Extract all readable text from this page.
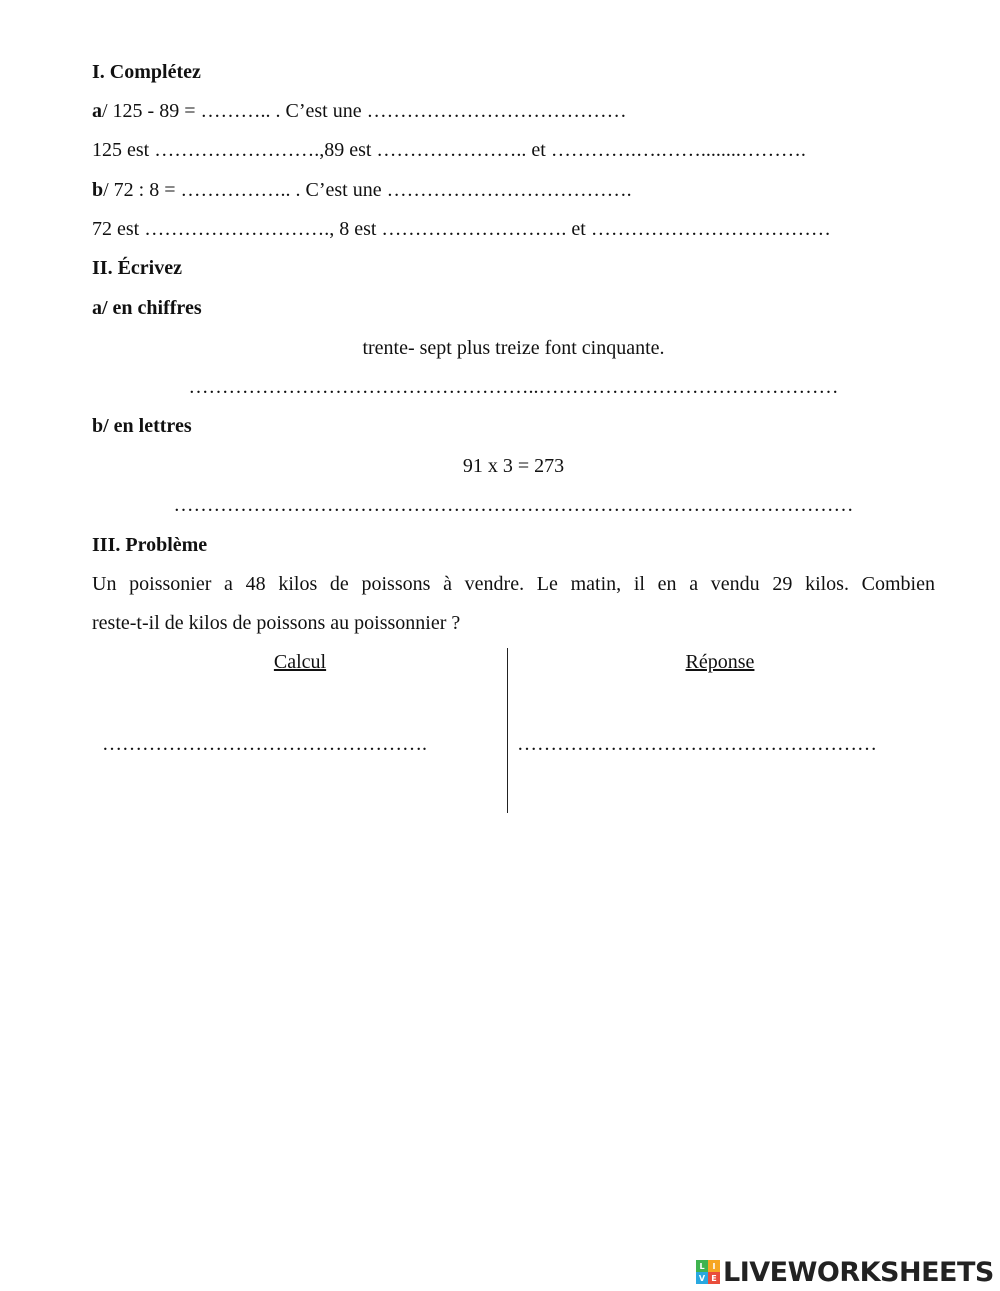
I. Complétez
a/ 125 - 89 = ……….. . C’est une …………………………………
125 est …………………….,89 est ………………….. et ………….….……........……….
b/ 72 : 8 = …………….. . C’est une ……………………………….
72 est ………………………., 8 est ………………………. et ………………………………
II. Écrivez
a/ en chiffres
trente- sept plus treize font cinquante.
……………………………………………..………………………………………
b/ en lettres
91 x 3 = 273
…………………………………………………………………………………………
III. Problème
Un poissonier a 48 kilos de poissons à vendre. Le matin, il en a vendu 29 kilos. Combien
reste-t-il de kilos de poissons au poissonnier ?
Calcul	Réponse
………………………………………….	………………………………………………
L I
V E LIVEWORKSHEETS
